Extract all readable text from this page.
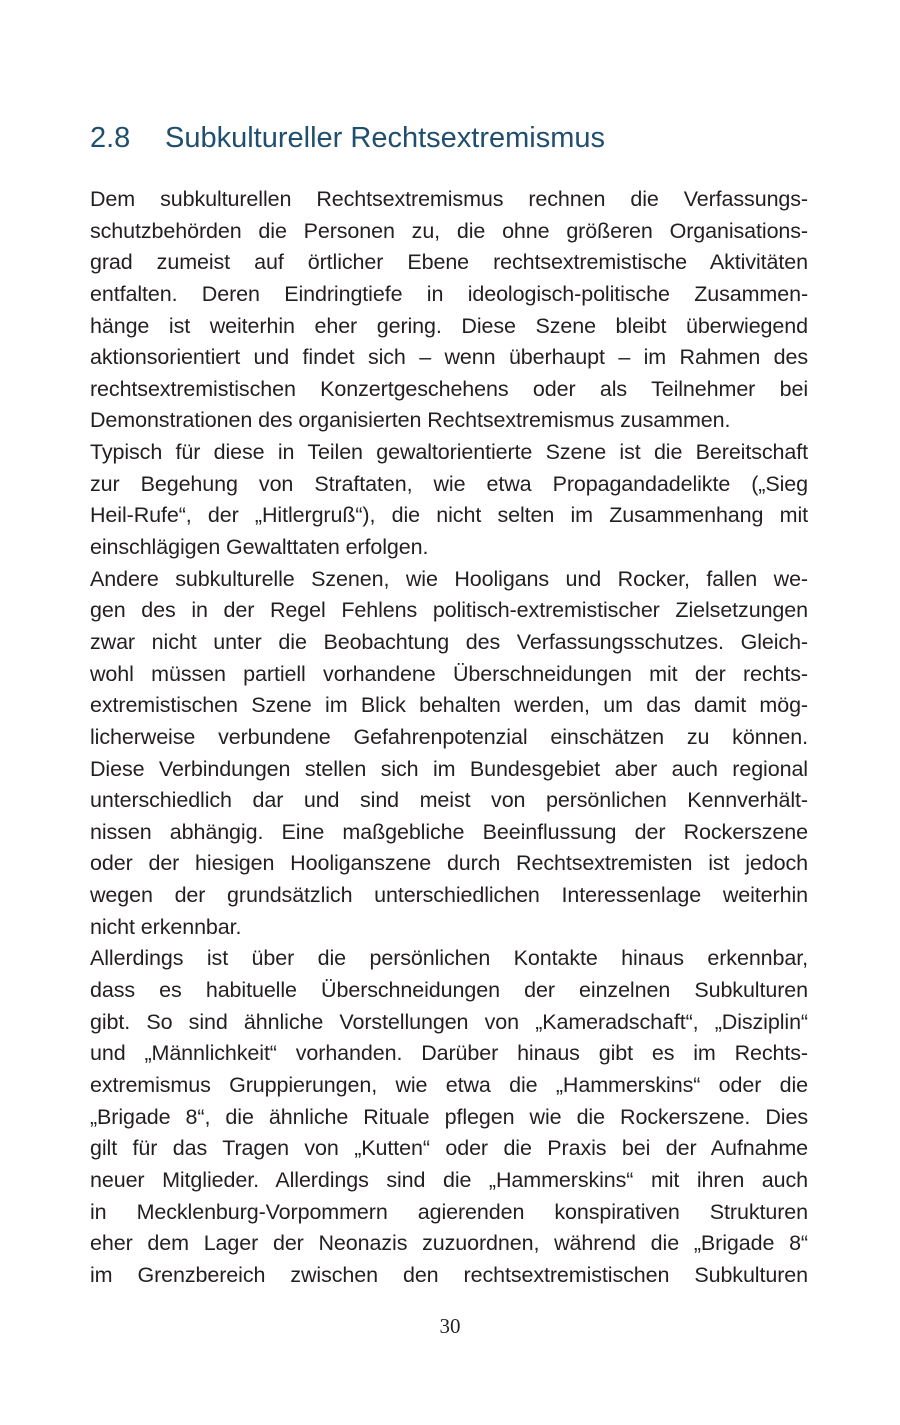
2.8 Subkultureller Rechtsextremismus
Dem subkulturellen Rechtsextremismus rechnen die Verfassungs-
schutzbehörden die Personen zu, die ohne größeren Organisations-
grad zumeist auf örtlicher Ebene rechtsextremistische Aktivitäten
entfalten. Deren Eindringtiefe in ideologisch-politische Zusammen-
hänge ist weiterhin eher gering. Diese Szene bleibt überwiegend
aktionsorientiert und findet sich – wenn überhaupt – im Rahmen des
rechtsextremistischen Konzertgeschehens oder als Teilnehmer bei
Demonstrationen des organisierten Rechtsextremismus zusammen.
Typisch für diese in Teilen gewaltorientierte Szene ist die Bereitschaft
zur Begehung von Straftaten, wie etwa Propagandadelikte („Sieg
Heil-Rufe“, der „Hitlergruß“), die nicht selten im Zusammenhang mit
einschlägigen Gewalttaten erfolgen.
Andere subkulturelle Szenen, wie Hooligans und Rocker, fallen we-
gen des in der Regel Fehlens politisch-extremistischer Zielsetzungen
zwar nicht unter die Beobachtung des Verfassungsschutzes. Gleich-
wohl müssen partiell vorhandene Überschneidungen mit der rechts-
extremistischen Szene im Blick behalten werden, um das damit mög-
licherweise verbundene Gefahrenpotenzial einschätzen zu können.
Diese Verbindungen stellen sich im Bundesgebiet aber auch regional
unterschiedlich dar und sind meist von persönlichen Kennverhält-
nissen abhängig. Eine maßgebliche Beeinflussung der Rockerszene
oder der hiesigen Hooliganszene durch Rechtsextremisten ist jedoch
wegen der grundsätzlich unterschiedlichen Interessenlage weiterhin
nicht erkennbar.
Allerdings ist über die persönlichen Kontakte hinaus erkennbar,
dass es habituelle Überschneidungen der einzelnen Subkulturen
gibt. So sind ähnliche Vorstellungen von „Kameradschaft“, „Disziplin“
und „Männlichkeit“ vorhanden. Darüber hinaus gibt es im Rechts-
extremismus Gruppierungen, wie etwa die „Hammerskins“ oder die
„Brigade 8“, die ähnliche Rituale pflegen wie die Rockerszene. Dies
gilt für das Tragen von „Kutten“ oder die Praxis bei der Aufnahme
neuer Mitglieder. Allerdings sind die „Hammerskins“ mit ihren auch
in Mecklenburg-Vorpommern agierenden konspirativen Strukturen
eher dem Lager der Neonazis zuzuordnen, während die „Brigade 8“
im Grenzbereich zwischen den rechtsextremistischen Subkulturen
30
